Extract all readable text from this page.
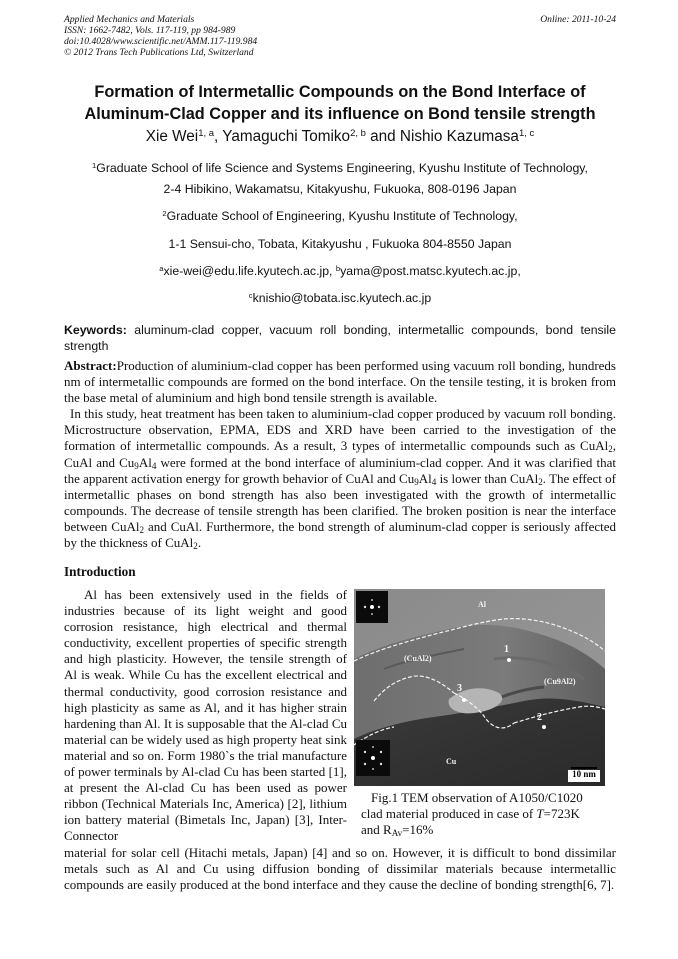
Applied Mechanics and Materials
ISSN: 1662-7482, Vols. 117-119, pp 984-989
doi:10.4028/www.scientific.net/AMM.117-119.984
© 2012 Trans Tech Publications Ltd, Switzerland
Online: 2011-10-24
Formation of Intermetallic Compounds on the Bond Interface of
Aluminum-Clad Copper and its influence on Bond tensile strength
Xie Wei$^{1, a}$, Yamaguchi Tomiko$^{2, b}$ and Nishio Kazumasa$^{1, c}$
$^1$Graduate School of life Science and Systems Engineering, Kyushu Institute of Technology,
2-4 Hibikino, Wakamatsu, Kitakyushu, Fukuoka, 808-0196 Japan
$^2$Graduate School of Engineering, Kyushu Institute of Technology,
1-1 Sensui-cho, Tobata, Kitakyushu , Fukuoka 804-8550 Japan
$^a$xie-wei@edu.life.kyutech.ac.jp, $^b$yama@post.matsc.kyutech.ac.jp,
$^c$knishio@tobata.isc.kyutech.ac.jp
Keywords: aluminum-clad copper, vacuum roll bonding, intermetallic compounds, bond tensile strength

Abstract:Production of aluminium-clad copper has been performed using vacuum roll bonding, hundreds nm of intermetallic compounds are formed on the bond interface. On the tensile testing, it is broken from the base metal of aluminium and high bond tensile strength is available.

In this study, heat treatment has been taken to aluminium-clad copper produced by vacuum roll bonding. Microstructure observation, EPMA, EDS and XRD have been carried to the investigation of the formation of intermetallic compounds. As a result, 3 types of intermetallic compounds such as CuAl$_2$, CuAl and $Cu_9Al_4$ were formed at the bond interface of aluminium-clad copper. And it was clarified that the apparent activation energy for growth behavior of CuAl and $Cu_9Al_4$ is lower than CuAl$_2$. The effect of intermetallic phases on bond strength has also been investigated with the growth of intermetallic compounds. The decrease of tensile strength has been clarified. The broken position is near the interface between CuAl$_2$ and CuAl. Furthermore, the bond strength of aluminum-clad copper is seriously affected by the thickness of CuAl$_2$.

Introduction
Al has been extensively used in the fields of industries because of its light weight and good corrosion resistance, high electrical and thermal conductivity, excellent properties of specific strength and high plasticity. However, the tensile strength of Al is weak. While Cu has the excellent electrical and thermal conductivity, good corrosion resistance and high plasticity as same as Al, and it has higher strain hardening than Al. It is supposable that the Al-clad Cu material can be widely used as high property heat sink material and so on. Form 1980`s the trial manufacture of power terminals by Al-clad Cu has been started [1], at present the Al-clad Cu has been used as power ribbon (Technical Materials Inc, America) [2], lithium ion battery material (Bimetals Inc, Japan) [3], Inter-Connector
Al
(CuAl2)
(Cu9Al2)
Cu
1
2
3
10 nm
Fig.1 TEM observation of A1050/C1020
clad material produced in case of T=723K
and $R_{Av}=16\%$
material for solar cell (Hitachi metals, Japan) [4] and so on. However, it is difficult to bond dissimilar metals such as Al and Cu using diffusion bonding of dissimilar materials because intermetallic compounds are easily produced at the bond interface and they cause the decline of bonding strength[6, 7].
